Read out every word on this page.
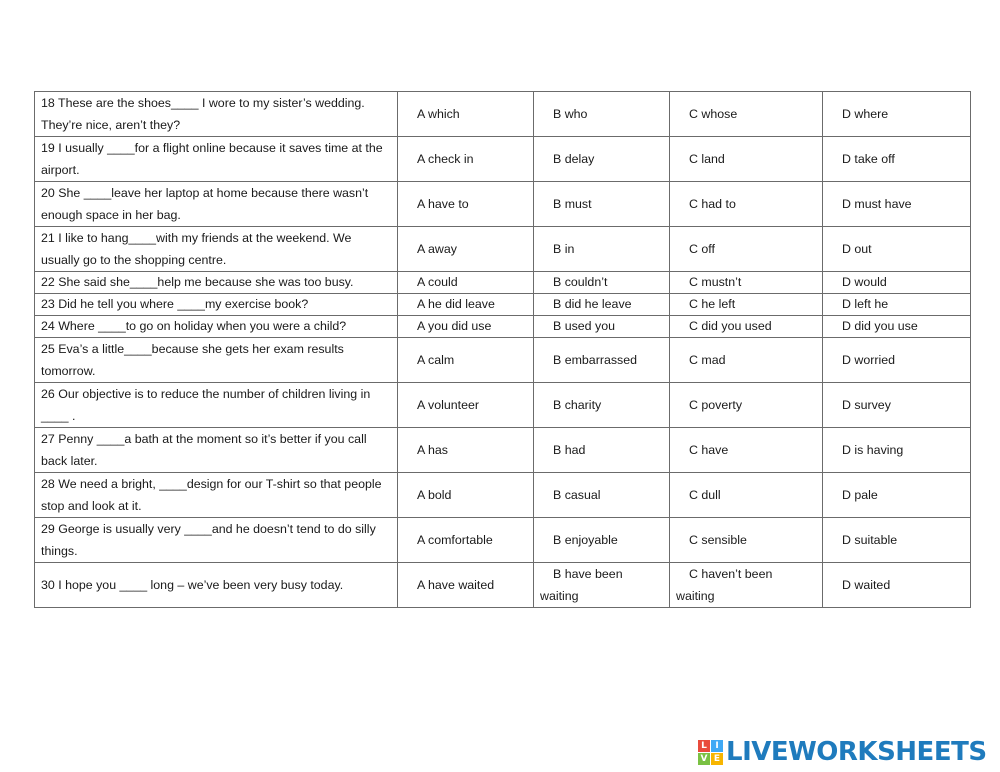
18 These are the shoes____ I wore to my sister’s wedding.
They’re nice, aren’t they?	A which	B who	C whose	D where

19 I usually ____for a flight online because it saves time at the
airport.	A check in	B delay	C land	D take off

20 She ____leave her laptop at home because there wasn’t
enough space in her bag.	A have to	B must	C had to	D must have

21 I like to hang____with my friends at the weekend. We
usually go to the shopping centre.	A away	B in	C off	D out

22 She said she____help me because she was too busy.	A could	B couldn’t	C mustn’t	D would

23 Did he tell you where ____my exercise book?	A he did leave	B did he leave	C he left	D left he

24 Where ____to go on holiday when you were a child?	A you did use	B used you	C did you used	D did you use

25 Eva’s a little____because she gets her exam results
tomorrow.	A calm	B embarrassed	C mad	D worried

26 Our objective is to reduce the number of children living in
____ .	A volunteer	B charity	C poverty	D survey

27 Penny ____a bath at the moment so it’s better if you call
back later.	A has	B had	C have	D is having

28 We need a bright, ____design for our T-shirt so that people
stop and look at it.	A bold	B casual	C dull	D pale

29 George is usually very ____and he doesn’t tend to do silly
things.	A comfortable	B enjoyable	C sensible	D suitable

30 I hope you ____ long – we’ve been very busy today.	A have waited	B have been
waiting	C haven’t been
waiting	D waited
L I
V E LIVEWORKSHEETS
